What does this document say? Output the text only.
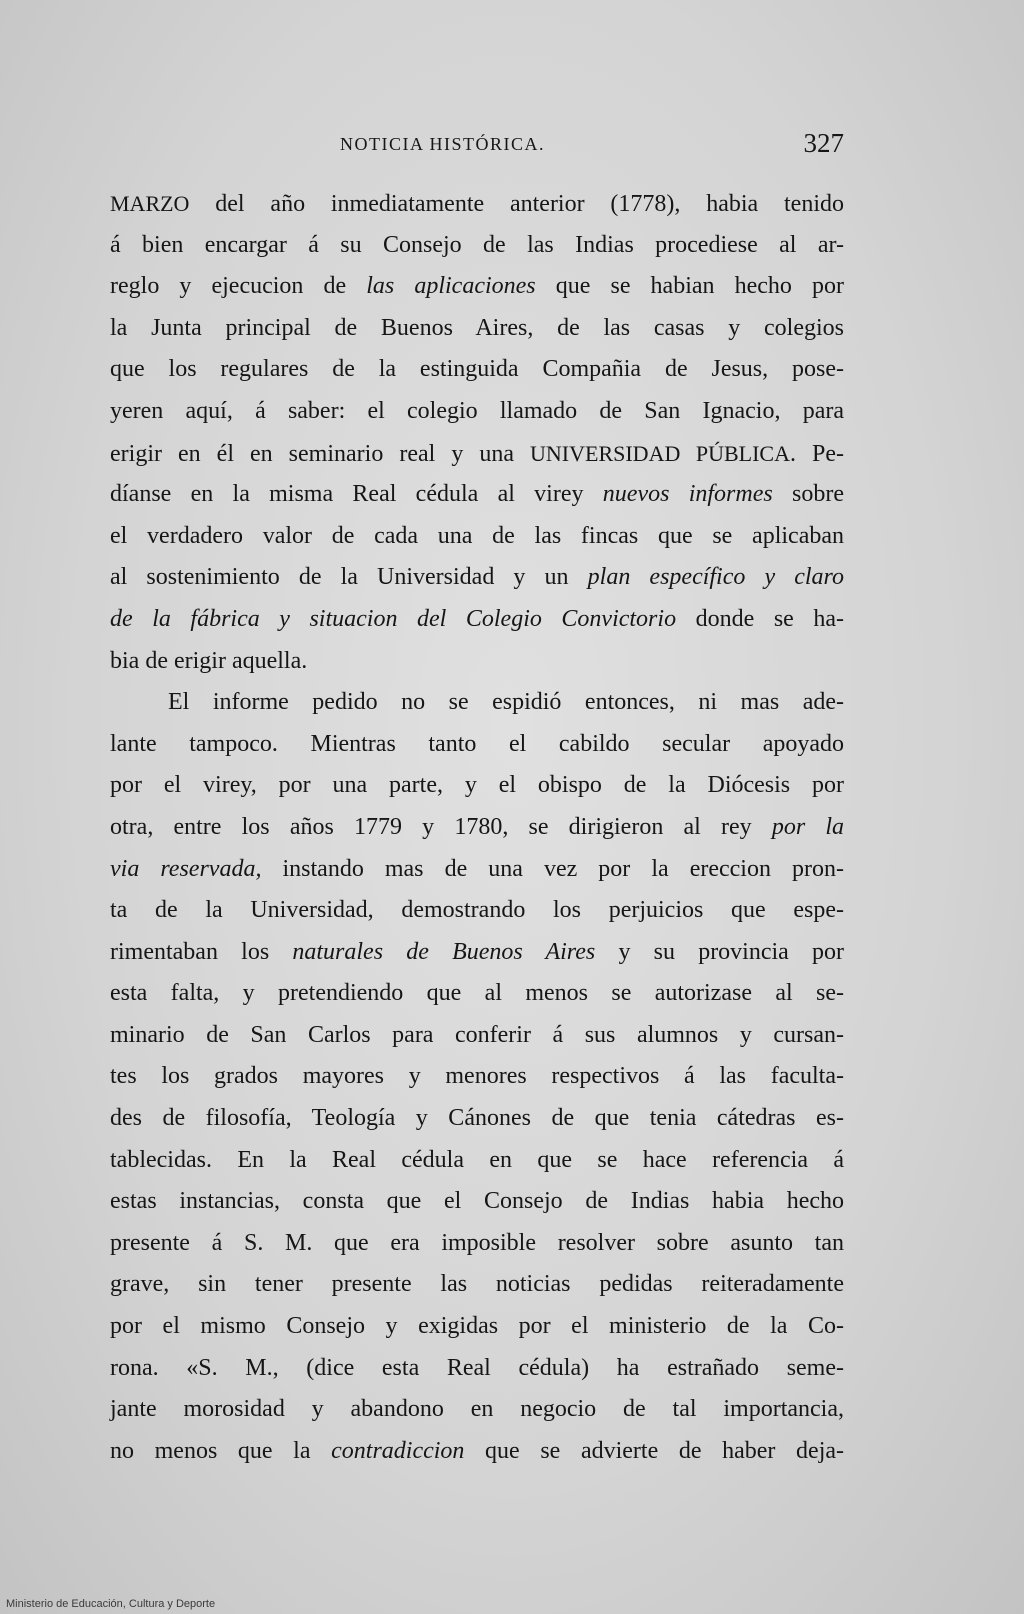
NOTICIA HISTÓRICA.	327
MARZO del año inmediatamente anterior (1778), habia tenido
á bien encargar á su Consejo de las Indias procediese al ar-
reglo y ejecucion de las aplicaciones que se habian hecho por
la Junta principal de Buenos Aires, de las casas y colegios
que los regulares de la estinguida Compañia de Jesus, pose-
yeren aquí, á saber: el colegio llamado de San Ignacio, para
erigir en él en seminario real y una UNIVERSIDAD PÚBLICA. Pe-
díanse en la misma Real cédula al virey nuevos informes sobre
el verdadero valor de cada una de las fincas que se aplicaban
al sostenimiento de la Universidad y un plan específico y claro
de la fábrica y situacion del Colegio Convictorio donde se ha-
bia de erigir aquella.
El informe pedido no se espidió entonces, ni mas ade-
lante tampoco. Mientras tanto el cabildo secular apoyado
por el virey, por una parte, y el obispo de la Diócesis por
otra, entre los años 1779 y 1780, se dirigieron al rey por la
via reservada, instando mas de una vez por la ereccion pron-
ta de la Universidad, demostrando los perjuicios que espe-
rimentaban los naturales de Buenos Aires y su provincia por
esta falta, y pretendiendo que al menos se autorizase al se-
minario de San Carlos para conferir á sus alumnos y cursan-
tes los grados mayores y menores respectivos á las faculta-
des de filosofía, Teología y Cánones de que tenia cátedras es-
tablecidas. En la Real cédula en que se hace referencia á
estas instancias, consta que el Consejo de Indias habia hecho
presente á S. M. que era imposible resolver sobre asunto tan
grave, sin tener presente las noticias pedidas reiteradamente
por el mismo Consejo y exigidas por el ministerio de la Co-
rona. «S. M., (dice esta Real cédula) ha estrañado seme-
jante morosidad y abandono en negocio de tal importancia,
no menos que la contradiccion que se advierte de haber deja-
Ministerio de Educación, Cultura y Deporte
